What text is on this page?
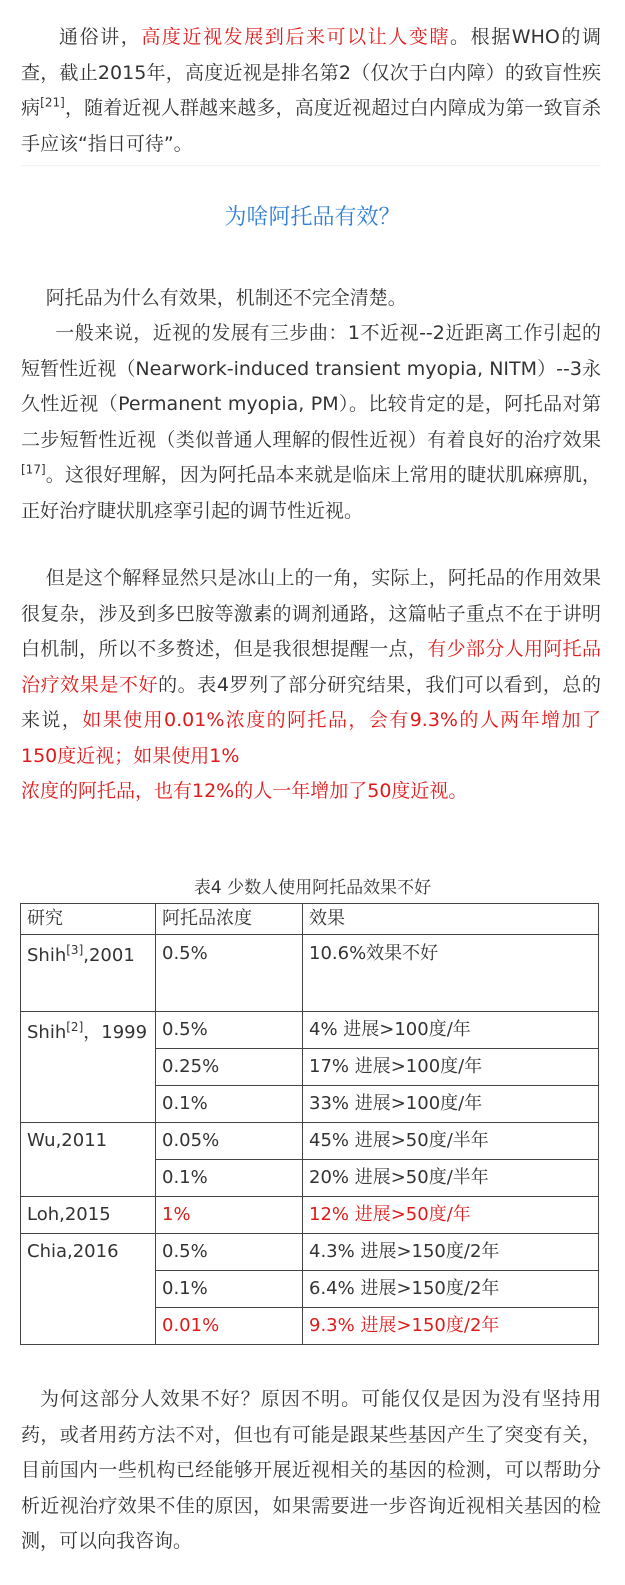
通俗讲，高度近视发展到后来可以让人变瞎。根据WHO的调查，截止2015年，高度近视是排名第2（仅次于白内障）的致盲性疾病[21]，随着近视人群越来越多，高度近视超过白内障成为第一致盲杀手应该“指日可待”。

为啥阿托品有效？

阿托品为什么有效果，机制还不完全清楚。

一般来说，近视的发展有三步曲：1不近视--2近距离工作引起的短暂性近视（Nearwork-induced transient myopia, NITM）--3永久性近视（Permanent myopia, PM）。比较肯定的是，阿托品对第二步短暂性近视（类似普通人理解的假性近视）有着良好的治疗效果[17]。这很好理解，因为阿托品本来就是临床上常用的睫状肌麻痹肌，正好治疗睫状肌痉挛引起的调节性近视。

但是这个解释显然只是冰山上的一角，实际上，阿托品的作用效果很复杂，涉及到多巴胺等激素的调剂通路，这篇帖子重点不在于讲明白机制，所以不多赘述，但是我很想提醒一点，有少部分人用阿托品治疗效果是不好的。表4罗列了部分研究结果，我们可以看到，总的来说，如果使用0.01%浓度的阿托品，会有9.3%的人两年增加了150度近视；如果使用1%
浓度的阿托品，也有12%的人一年增加了50度近视。

表4 少数人使用阿托品效果不好
研究	阿托品浓度	效果
Shih[3],2001	0.5%	10.6%效果不好
Shih[2]，1999	0.5%	4% 进展>100度/年
	0.25%	17% 进展>100度/年
	0.1%	33% 进展>100度/年
Wu,2011	0.05%	45% 进展>50度/半年
	0.1%	20% 进展>50度/半年
Loh,2015	1%	12% 进展>50度/年
Chia,2016	0.5%	4.3% 进展>150度/2年
	0.1%	6.4% 进展>150度/2年
	0.01%	9.3% 进展>150度/2年

为何这部分人效果不好？原因不明。可能仅仅是因为没有坚持用药，或者用药方法不对，但也有可能是跟某些基因产生了突变有关，目前国内一些机构已经能够开展近视相关的基因的检测，可以帮助分析近视治疗效果不佳的原因，如果需要进一步咨询近视相关基因的检测，可以向我咨询。
